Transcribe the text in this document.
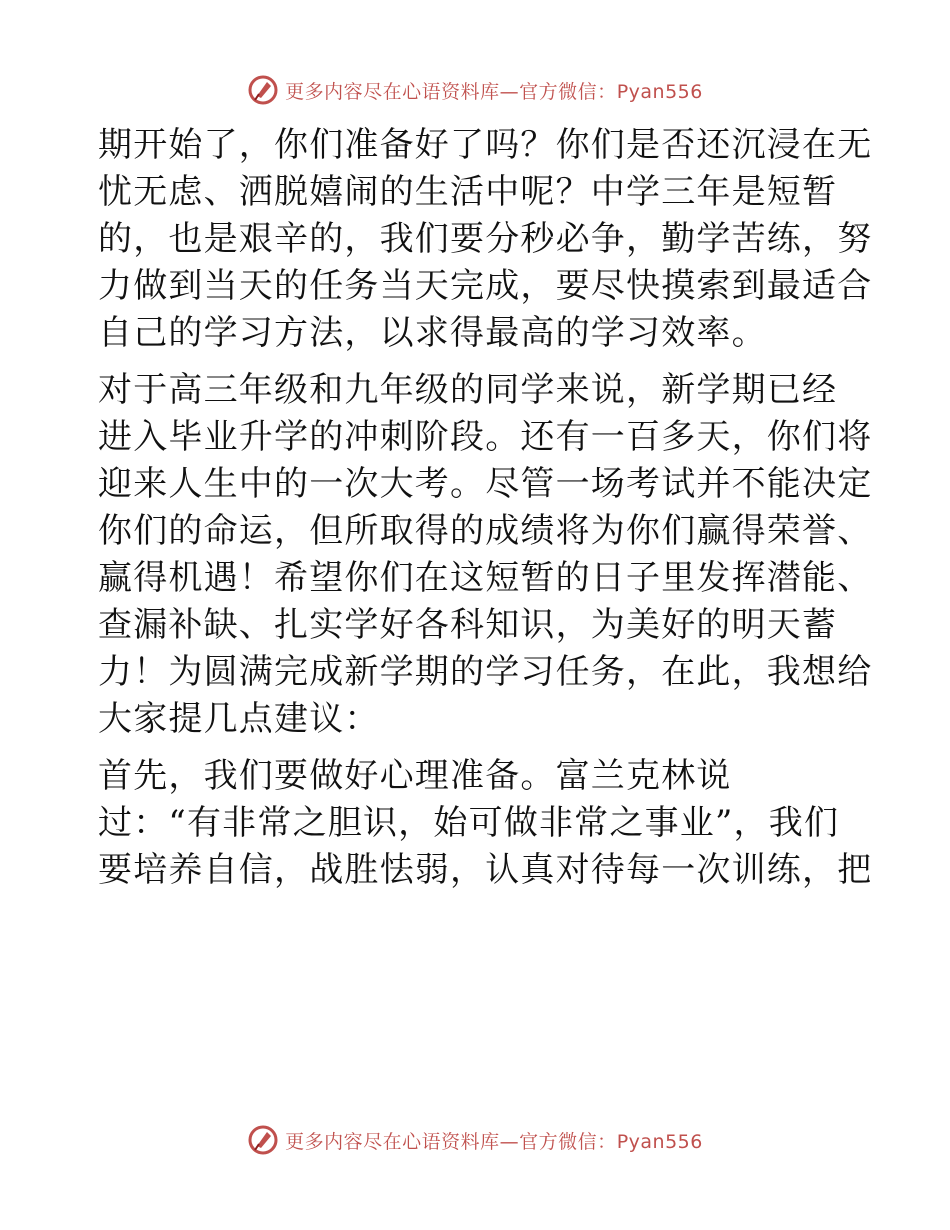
更多内容尽在心语资料库—官方微信：Pyan556
期开始了，你们准备好了吗？你们是否还沉浸在无
忧无虑、洒脱嬉闹的生活中呢？中学三年是短暂
的，也是艰辛的，我们要分秒必争，勤学苦练，努
力做到当天的任务当天完成，要尽快摸索到最适合
自己的学习方法，以求得最高的学习效率。
对于高三年级和九年级的同学来说，新学期已经
进入毕业升学的冲刺阶段。还有一百多天，你们将
迎来人生中的一次大考。尽管一场考试并不能决定
你们的命运，但所取得的成绩将为你们赢得荣誉、
赢得机遇！希望你们在这短暂的日子里发挥潜能、
查漏补缺、扎实学好各科知识，为美好的明天蓄
力！为圆满完成新学期的学习任务，在此，我想给
大家提几点建议：
首先，我们要做好心理准备。富兰克林说
过：“有非常之胆识，始可做非常之事业”，我们
要培养自信，战胜怯弱，认真对待每一次训练，把
更多内容尽在心语资料库—官方微信：Pyan556
